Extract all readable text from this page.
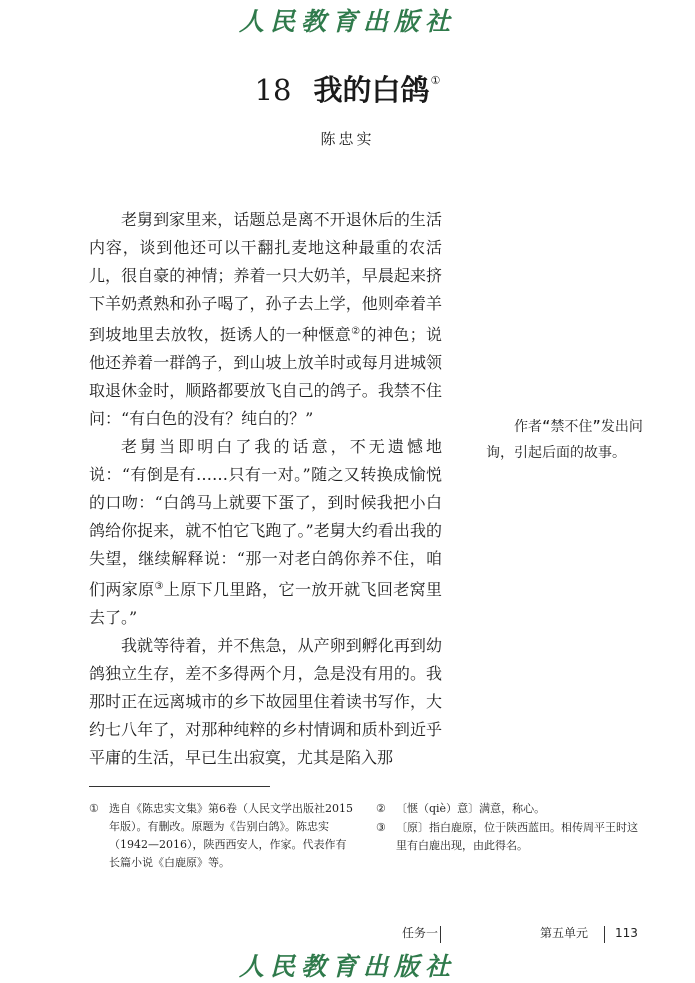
人民教育出版社
18 我的白鸽①
陈忠实

老舅到家里来，话题总是离不开退休后的生活内容，谈到他还可以干翻扎麦地这种最重的农活儿，很自豪的神情；养着一只大奶羊，早晨起来挤下羊奶煮熟和孙子喝了，孙子去上学，他则牵着羊到坡地里去放牧，挺诱人的一种惬意②的神色；说他还养着一群鸽子，到山坡上放羊时或每月进城领取退休金时，顺路都要放飞自己的鸽子。我禁不住问：“有白色的没有？纯白的？”

老舅当即明白了我的话意，不无遗憾地说：“有倒是有……只有一对。”随之又转换成愉悦的口吻：“白鸽马上就要下蛋了，到时候我把小白鸽给你捉来，就不怕它飞跑了。”老舅大约看出我的失望，继续解释说：“那一对老白鸽你养不住，咱们两家原③上原下几里路，它一放开就飞回老窝里去了。”

我就等待着，并不焦急，从产卵到孵化再到幼鸽独立生存，差不多得两个月，急是没有用的。我那时正在远离城市的乡下故园里住着读书写作，大约七八年了，对那种纯粹的乡村情调和质朴到近乎平庸的生活，早已生出寂寞，尤其是陷入那

作者“禁不住”发出问询，引起后面的故事。

① 选自《陈忠实文集》第6卷（人民文学出版社2015年版）。有删改。原题为《告别白鸽》。陈忠实（1942—2016），陕西西安人，作家。代表作有长篇小说《白鹿原》等。
② 〔惬（qiè）意〕满意，称心。
③ 〔原〕指白鹿原，位于陕西蓝田。相传周平王时这里有白鹿出现，由此得名。
任务一	第五单元 113
人民教育出版社
